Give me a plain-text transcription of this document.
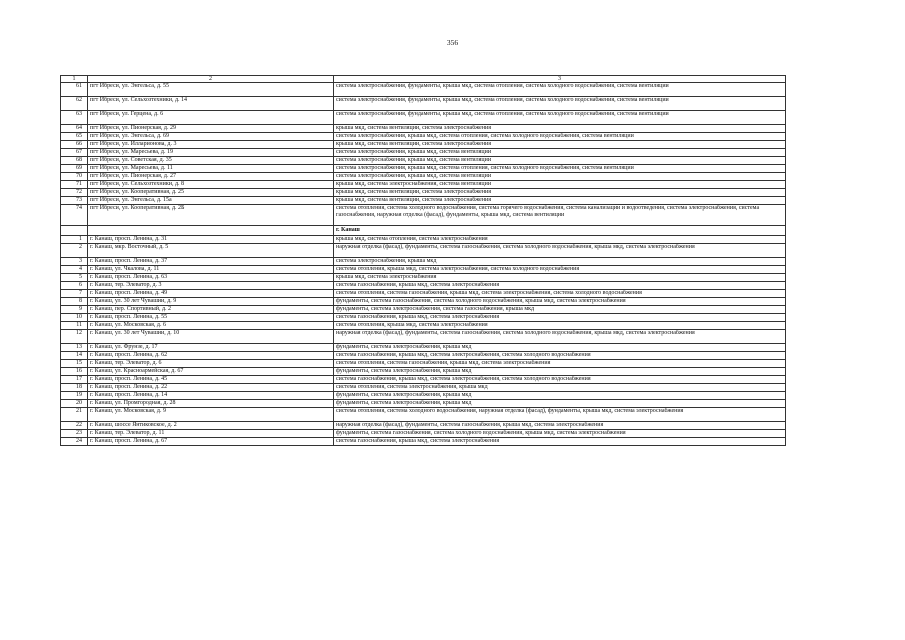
356
1	2	3
61	пгт Ибреси, ул. Энгельса, д. 55	система электроснабжения, фундаменты, крыша мкд, система отопления, система холодного водоснабжения, система вентиляции
62	пгт Ибреси, ул. Сельхозтехники, д. 14	система электроснабжения, фундаменты, крыша мкд, система отопления, система холодного водоснабжения, система вентиляции
63	пгт Ибреси, ул. Герцена, д. 6	система электроснабжения, фундаменты, крыша мкд, система отопления, система холодного водоснабжения, система вентиляции
64	пгт Ибреси, ул. Пионерская, д. 29	крыша мкд, система вентиляции, система электроснабжения
65	пгт Ибреси, ул. Энгельса, д. 69	система электроснабжения, крыша мкд, система отопления, система холодного водоснабжения, система вентиляции
66	пгт Ибреси, ул. Илларионова, д. 3	крыша мкд, система вентиляции, система электроснабжения
67	пгт Ибреси, ул. Маресьева, д. 19	система электроснабжения, крыша мкд, система вентиляции
68	пгт Ибреси, ул. Советская, д. 35	система электроснабжения, крыша мкд, система вентиляции
69	пгт Ибреси, ул. Маресьева, д. 11	система электроснабжения, крыша мкд, система отопления, система холодного водоснабжения, система вентиляции
70	пгт Ибреси, ул. Пионерская, д. 27	система электроснабжения, крыша мкд, система вентиляции
71	пгт Ибреси, ул. Сельхозтехники, д. 8	крыша мкд, система электроснабжения, система вентиляции
72	пгт Ибреси, ул. Кооперативная, д. 25	крыша мкд, система вентиляции, система электроснабжения
73	пгт Ибреси, ул. Энгельса, д. 15а	крыша мкд, система вентиляции, система электроснабжения
74	пгт Ибреси, ул. Кооперативная, д. 2Б	система отопления, система холодного водоснабжения, система горячего водоснабжения, система канализации и водоотведения, система электроснабжения, система газоснабжения, наружная отделка (фасад), фундаменты, крыша мкд, система вентиляции
		г. Канаш
1	г. Канаш, просп. Ленина, д. 31	крыша мкд, система отопления, система электроснабжения
2	г. Канаш, мкр. Восточный, д. 5	наружная отделка (фасад), фундаменты, система газоснабжения, система холодного водоснабжения, крыша мкд, система электроснабжения
3	г. Канаш, просп. Ленина, д. 37	система электроснабжения, крыша мкд
4	г. Канаш, ул. Чкалова, д. 11	система отопления, крыша мкд, система электроснабжения, система холодного водоснабжения
5	г. Канаш, просп. Ленина, д. 63	крыша мкд, система электроснабжения
6	г. Канаш, тер. Элеватор, д. 3	система газоснабжения, крыша мкд, система электроснабжения
7	г. Канаш, просп. Ленина, д. 49	система отопления, система газоснабжения, крыша мкд, система электроснабжения, система холодного водоснабжения
8	г. Канаш, ул. 30 лет Чувашии, д. 9	фундаменты, система газоснабжения, система холодного водоснабжения, крыша мкд, система электроснабжения
9	г. Канаш, пер. Спортивный, д. 2	фундаменты, система электроснабжения, система газоснабжения, крыша мкд
10	г. Канаш, просп. Ленина, д. 55	система газоснабжения, крыша мкд, система электроснабжения
11	г. Канаш, ул. Московская, д. 6	система отопления, крыша мкд, система электроснабжения
12	г. Канаш, ул. 30 лет Чувашии, д. 10	наружная отделка (фасад), фундаменты, система газоснабжения, система холодного водоснабжения, крыша мкд, система электроснабжения
13	г. Канаш, ул. Фрунзе, д. 17	фундаменты, система электроснабжения, крыша мкд
14	г. Канаш, просп. Ленина, д. 62	система газоснабжения, крыша мкд, система электроснабжения, система холодного водоснабжения
15	г. Канаш, тер. Элеватор, д. 6	система отопления, система газоснабжения, крыша мкд, система электроснабжения
16	г. Канаш, ул. Красноармейская, д. 67	фундаменты, система электроснабжения, крыша мкд
17	г. Канаш, просп. Ленина, д. 45	система газоснабжения, крыша мкд, система электроснабжения, система холодного водоснабжения
18	г. Канаш, просп. Ленина, д. 22	система отопления, система электроснабжения, крыша мкд
19	г. Канаш, просп. Ленина, д. 14	фундаменты, система электроснабжения, крыша мкд
20	г. Канаш, ул. Промгородная, д. 28	фундаменты, система электроснабжения, крыша мкд
21	г. Канаш, ул. Московская, д. 9	система отопления, система холодного водоснабжения, наружная отделка (фасад), фундаменты, крыша мкд, система электроснабжения
22	г. Канаш, шоссе Янтиковское, д. 2	наружная отделка (фасад), фундаменты, система газоснабжения, крыша мкд, система электроснабжения
23	г. Канаш, тер. Элеватор, д. 11	фундаменты, система газоснабжения, система холодного водоснабжения, крыша мкд, система электроснабжения
24	г. Канаш, просп. Ленина, д. 67	система газоснабжения, крыша мкд, система электроснабжения
